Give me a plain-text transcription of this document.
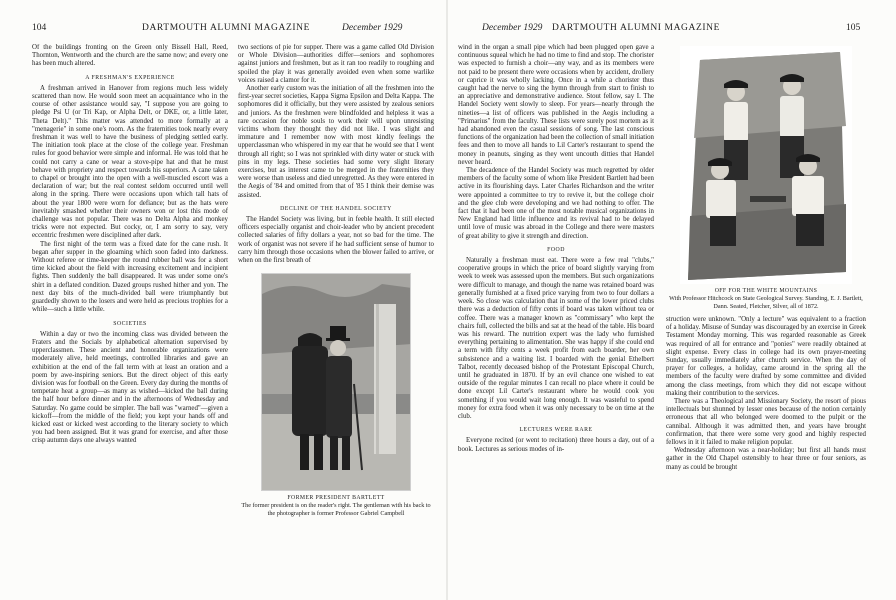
104	DARTMOUTH ALUMNI MAGAZINE	December 1929

Of the buildings fronting on the Green only Bissell Hall, Reed, Thornton, Wentworth and the church are the same now; and every one has been much altered.

A FRESHMAN'S EXPERIENCE

A freshman arrived in Hanover from regions much less widely scattered than now. He would soon meet an acquaintance who in the course of other assistance would say, "I suppose you are going to pledge Psi U (or Tri Kap, or Alpha Delt, or DKE, or, a little later, Theta Delt)." This matter was attended to more formally at a "menagerie" in some one's room. As the fraternities took nearly every freshman it was well to have the business of pledging settled early. The initiation took place at the close of the college year. Freshman rules for good behavior were simple and informal. He was told that he could not carry a cane or wear a stove-pipe hat and that he must behave with propriety and respect towards his superiors. A cane taken to chapel or brought into the open with a well-muscled escort was a declaration of war; but the real contest seldom occurred until well along in the spring. There were occasions upon which tall hats of about the year 1800 were worn for defiance; but as the hats were inevitably smashed whether their owners won or lost this mode of challenge was not popular. There was no Delta Alpha and monkey tricks were not expected. But cocky, or, I am sorry to say, very eccentric freshmen were disciplined after dark.

The first night of the term was a fixed date for the cane rush. It began after supper in the gloaming which soon faded into darkness. Without referee or time-keeper the round rubber ball was for a short time kicked about the field with increasing excitement and incipient fights. Then suddenly the ball disappeared. It was under some one's shirt in a deflated condition. Dazed groups rushed hither and yon. The next day bits of the much-divided ball were triumphantly but guardedly shown to the losers and were held as precious trophies for a while—such a little while.

SOCIETIES

Within a day or two the incoming class was divided between the Fraters and the Socials by alphabetical alternation supervised by upperclassmen. These ancient and honorable organizations were moderately alive, held meetings, controlled libraries and gave an exhibition at the end of the fall term with at least an oration and a poem by awe-inspiring seniors. But the direct object of this early division was for football on the Green. Every day during the months of tempetate heat a group—as many as wished—kicked the ball during the half hour before dinner and in the afternoons of Wednesday and Saturday. No game could be simpler. The ball was "warned"—given a kickoff—from the middle of the field; you kept your hands off and kicked east or kicked west according to the literary society to which you had been assigned. But it was grand for exercise, and after those crisp autumn days one always wanted

two sections of pie for supper. There was a game called Old Division or Whole Division—authorities differ—seniors and sophomores against juniors and freshmen, but as it ran too readily to roughing and spoiled the play it was generally avoided even when some warlike voices raised a clamor for it.

Another early custom was the initiation of all the freshmen into the first-year secret societies, Kappa Sigma Epsilon and Delta Kappa. The sophomores did it officially, but they were assisted by zealous seniors and juniors. As the freshmen were blindfolded and helpless it was a rare occasion for noble souls to work their will upon unresisting victims whom they thought they did not like. I was slight and immature and I remember now with most kindly feelings the upperclassman who whispered in my ear that he would see that I went through all right; so I was not sprinkled with dirty water or stuck with pins in my legs. These societies had some very slight literary exercises, but as interest came to be merged in the fraternities they were worse than useless and died unregretted. As they were entered in the Aegis of '84 and omitted from that of '85 I think their demise was assisted.

DECLINE OF THE HANDEL SOCIETY

The Handel Society was living, but in feeble health. It still elected officers especially organist and choir-leader who by ancient precedent collected salaries of fifty dollars a year, not so bad for the time. The work of organist was not severe if he had sufficient sense of humor to carry him through those occasions when the blower failed to arrive, or when on the first breath of

FORMER PRESIDENT BARTLETT
The former president is on the reader's right. The gentleman with his back to the photographer is former Professor Gabriel Campbell
December 1929 DARTMOUTH ALUMNI MAGAZINE	105

wind in the organ a small pipe which had been plugged open gave a continuous squeal which he had no time to find and stop. The chorister was expected to furnish a choir—any way, and as its members were not paid to be present there were occasions when by accident, drollery or caprice it was wholly lacking. Once in a while a chorister thus caught had the nerve to sing the hymn through from start to finish to an appreciative and demonstrative audience. Stout fellow, say I. The Handel Society went slowly to sleep. For years—nearly through the nineties—a list of officers was published in the Aegis including a "Primarius" from the faculty. These lists were surely post mortem as it had abandoned even the casual sessions of song. The last conscious functions of the organization had been the collection of small initiation fees and then to move all hands to Lil Carter's restaurant to spend the money in peanuts, singing as they went uncouth ditties that Handel never heard.

The decadence of the Handel Society was much regretted by older members of the faculty some of whom like President Bartlett had been active in its flourishing days. Later Charles Richardson and the writer were appointed a committee to try to revive it, but the college choir and the glee club were developing and we had nothing to offer. The fact that it had been one of the most notable musical organizations in New England had little influence and its revival had to be delayed until love of music was abroad in the College and there were masters of great ability to give it strength and direction.

FOOD

Naturally a freshman must eat. There were a few real "clubs," cooperative groups in which the price of board slightly varying from week to week was assessed upon the members. But such organizations were difficult to manage, and though the name was retained board was generally furnished at a fixed price varying from two to four dollars a week. So close was calculation that in some of the lower priced clubs there was a deduction of fifty cents if board was taken without tea or coffee. There was a manager known as "commissary" who kept the chairs full, collected the bills and sat at the head of the table. His board was his reward. The nutrition expert was the lady who furnished everything pertaining to alimentation. She was happy if she could end a term with fifty cents a week profit from each boarder, her own subsistence and a waiting list. I boarded with the genial Ethelbert Talbot, recently deceased bishop of the Protestant Episcopal Church, until he graduated in 1870. If by an evil chance one wished to eat outside of the regular minutes I can recall no place where it could be done except Lil Carter's restaurant where he would cook you something if you would wait long enough. It was wasteful to spend money for extra food when it was only necessary to be on time at the club.

LECTURES WERE RARE

Everyone recited (or went to recitation) three hours a day, out of a book. Lectures as serious modes of in-

OFF FOR THE WHITE MOUNTAINS
With Professor Hitchcock on State Geological Survey. Standing, E. J. Bartlett, Dann. Seated, Fletcher, Silver, all of 1872.

struction were unknown. "Only a lecture" was equivalent to a fraction of a holiday. Misuse of Sunday was discouraged by an exercise in Greek Testament Monday morning. This was regarded reasonable as Greek was required of all for entrance and "ponies" were readily obtained at slight expense. Every class in college had its own prayer-meeting Sunday, usually immediately after church service. When the day of prayer for colleges, a holiday, came around in the spring all the members of the faculty were drafted by some committee and divided among the class meetings, from which they did not escape without making their contribution to the services.

There was a Theological and Missionary Society, the resort of pious intellectuals but shunned by lesser ones because of the notion certainly erroneous that all who belonged were doomed to the pulpit or the cannibal. Although it was admitted then, and years have brought confirmation, that there were some very good and highly respected fellows in it it failed to make religion popular.

Wednesday afternoon was a near-holiday; but first all hands must gather in the Old Chapel ostensibly to hear three or four seniors, as many as could be brought
